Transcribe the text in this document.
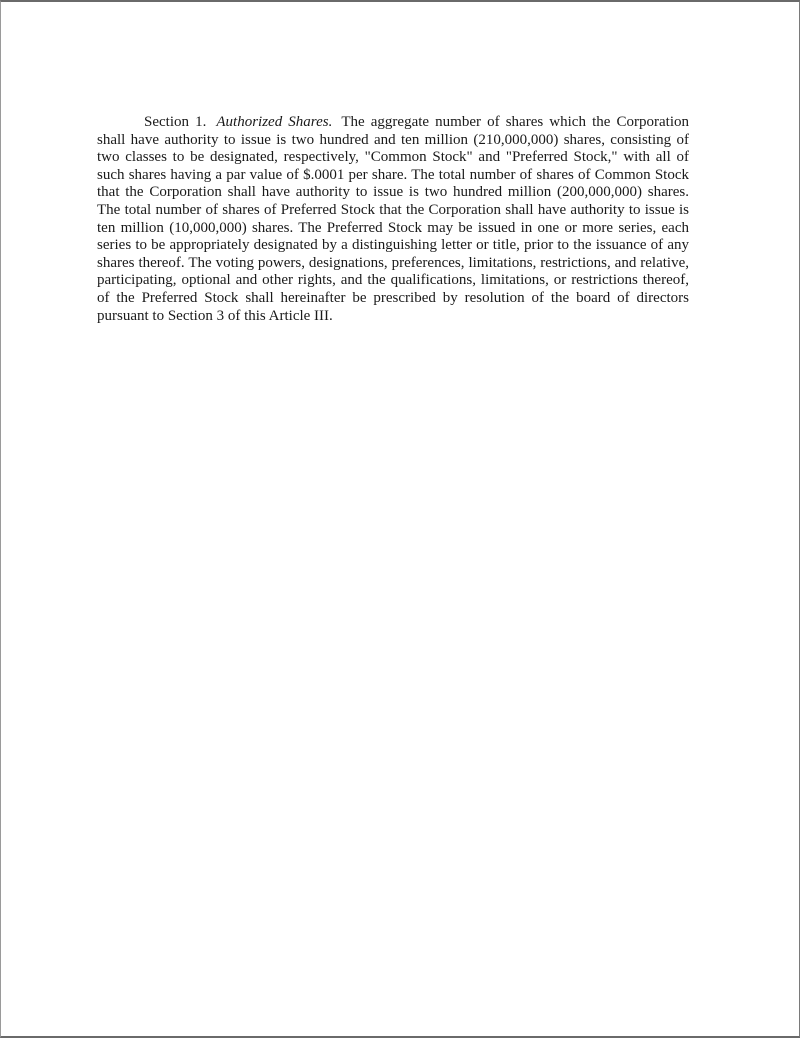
Section 1. Authorized Shares. The aggregate number of shares which the Corporation shall have authority to issue is two hundred and ten million (210,000,000) shares, consisting of two classes to be designated, respectively, "Common Stock" and "Preferred Stock," with all of such shares having a par value of $.0001 per share. The total number of shares of Common Stock that the Corporation shall have authority to issue is two hundred million (200,000,000) shares. The total number of shares of Preferred Stock that the Corporation shall have authority to issue is ten million (10,000,000) shares. The Preferred Stock may be issued in one or more series, each series to be appropriately designated by a distinguishing letter or title, prior to the issuance of any shares thereof. The voting powers, designations, preferences, limitations, restrictions, and relative, participating, optional and other rights, and the qualifications, limitations, or restrictions thereof, of the Preferred Stock shall hereinafter be prescribed by resolution of the board of directors pursuant to Section 3 of this Article III.
